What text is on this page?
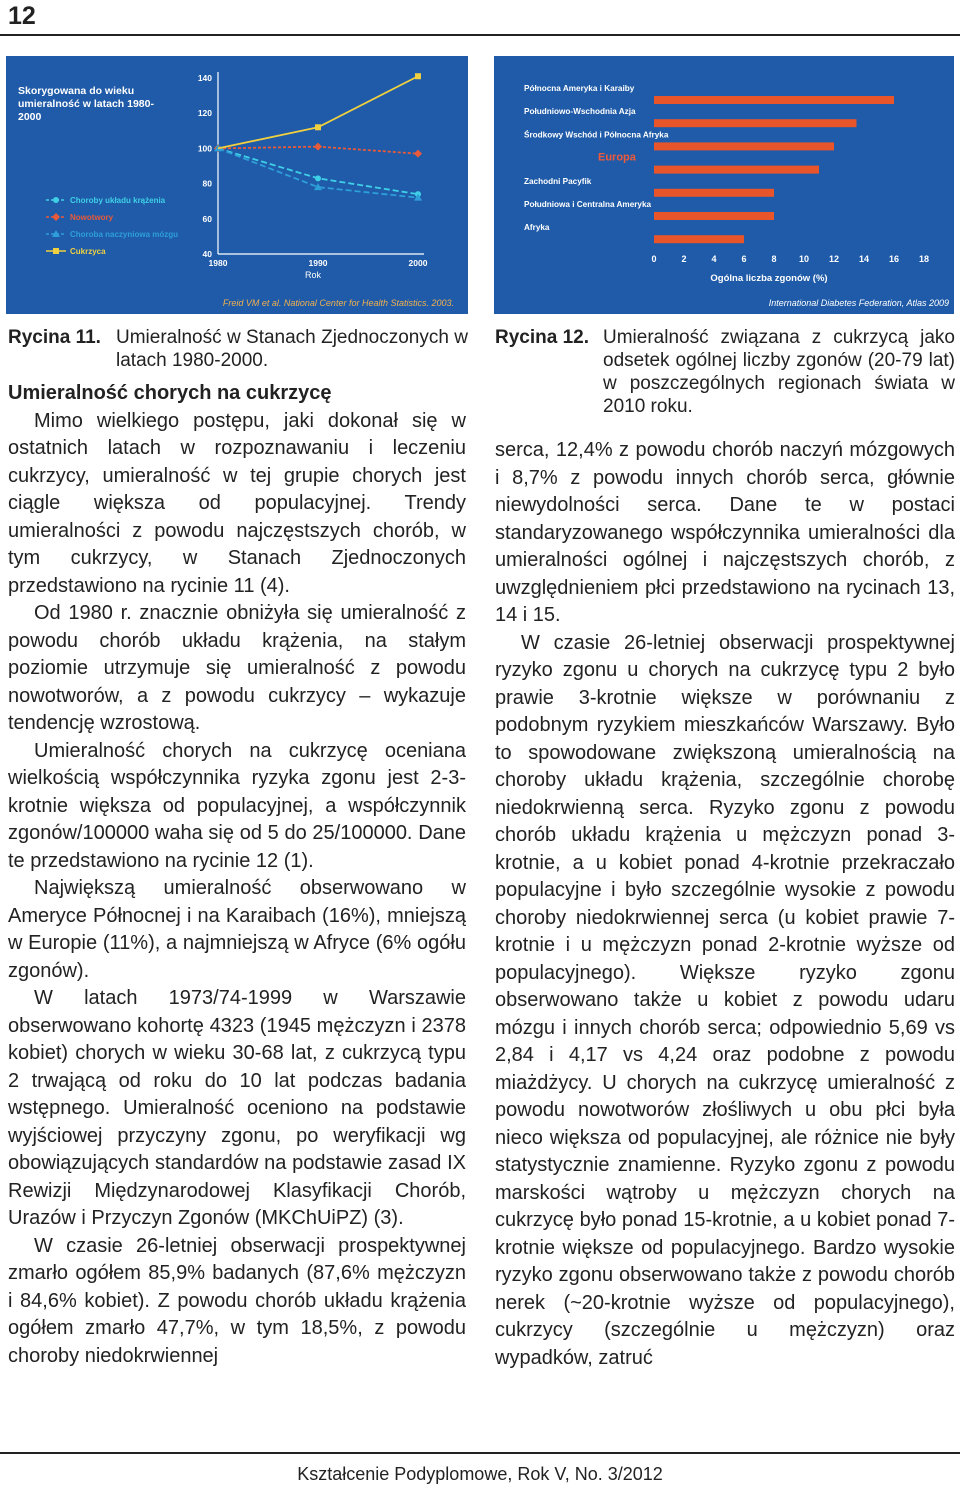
12
Skorygowana do wieku
umieralność w latach 1980-
2000
40
60
80
100
120
140
1980	1990	2000
Choroby układu krążenia
Nowotwory
Choroba naczyniowa mózgu
Cukrzyca
Rok
Freid VM et al. National Center for Health Statistics. 2003.
Północna Ameryka i Karaiby
Południowo-Wschodnia Azja
Środkowy Wschód i Północna Afryka
Europa
Zachodni Pacyfik
Południowa i Centralna Ameryka
Afryka
0	2	4	6	8 10 12 14 16 18
Ogólna liczba zgonów (%)
International Diabetes Federation, Atlas 2009
Rycina 11. Umieralność w Stanach Zjednoczonych w latach 1980-2000.
Rycina 12. Umieralność związana z cukrzycą jako odsetek ogólnej liczby zgonów (20-79 lat) w poszczególnych regionach świata w 2010 roku.
Umieralność chorych na cukrzycę

Mimo wielkiego postępu, jaki dokonał się w ostatnich latach w rozpoznawaniu i leczeniu cukrzycy, umieralność w tej grupie chorych jest ciągle większa od populacyjnej. Trendy umieralności z powodu najczęstszych chorób, w tym cukrzycy, w Stanach Zjednoczonych przedstawiono na rycinie 11 (4).

Od 1980 r. znacznie obniżyła się umieralność z powodu chorób układu krążenia, na stałym poziomie utrzymuje się umieralność z powodu nowotworów, a z powodu cukrzycy – wykazuje tendencję wzrostową.

Umieralność chorych na cukrzycę oceniana wielkością współczynnika ryzyka zgonu jest 2-3-krotnie większa od populacyjnej, a współczynnik zgonów/100000 waha się od 5 do 25/100000. Dane te przedstawiono na rycinie 12 (1).

Największą umieralność obserwowano w Ameryce Północnej i na Karaibach (16%), mniejszą w Europie (11%), a najmniejszą w Afryce (6% ogółu zgonów).

W latach 1973/74-1999 w Warszawie obserwowano kohortę 4323 (1945 mężczyzn i 2378 kobiet) chorych w wieku 30-68 lat, z cukrzycą typu 2 trwającą od roku do 10 lat podczas badania wstępnego. Umieralność oceniono na podstawie wyjściowej przyczyny zgonu, po weryfikacji wg obowiązujących standardów na podstawie zasad IX Rewizji Międzynarodowej Klasyfikacji Chorób, Urazów i Przyczyn Zgonów (MKChUiPZ) (3).

W czasie 26-letniej obserwacji prospektywnej zmarło ogółem 85,9% badanych (87,6% mężczyzn i 84,6% kobiet). Z powodu chorób układu krążenia ogółem zmarło 47,7%, w tym 18,5%, z powodu choroby niedokrwiennej

serca, 12,4% z powodu chorób naczyń mózgowych i 8,7% z powodu innych chorób serca, głównie niewydolności serca. Dane te w postaci standaryzowanego współczynnika umieralności dla umieralności ogólnej i najczęstszych chorób, z uwzględnieniem płci przedstawiono na rycinach 13, 14 i 15.

W czasie 26-letniej obserwacji prospektywnej ryzyko zgonu u chorych na cukrzycę typu 2 było prawie 3-krotnie większe w porównaniu z podobnym ryzykiem mieszkańców Warszawy. Było to spowodowane zwiększoną umieralnością na choroby układu krążenia, szczególnie chorobę niedokrwienną serca. Ryzyko zgonu z powodu chorób układu krążenia u mężczyzn ponad 3-krotnie, a u kobiet ponad 4-krotnie przekraczało populacyjne i było szczególnie wysokie z powodu choroby niedokrwiennej serca (u kobiet prawie 7-krotnie i u mężczyzn ponad 2-krotnie wyższe od populacyjnego). Większe ryzyko zgonu obserwowano także u kobiet z powodu udaru mózgu i innych chorób serca; odpowiednio 5,69 vs 2,84 i 4,17 vs 4,24 oraz podobne z powodu miażdżycy. U chorych na cukrzycę umieralność z powodu nowotworów złośliwych u obu płci była nieco większa od populacyjnej, ale różnice nie były statystycznie znamienne. Ryzyko zgonu z powodu marskości wątroby u mężczyzn chorych na cukrzycę było ponad 15-krotnie, a u kobiet ponad 7-krotnie większe od populacyjnego. Bardzo wysokie ryzyko zgonu obserwowano także z powodu chorób nerek (~20-krotnie wyższe od populacyjnego), cukrzycy (szczególnie u mężczyzn) oraz wypadków, zatruć

Kształcenie Podyplomowe, Rok V, No. 3/2012
